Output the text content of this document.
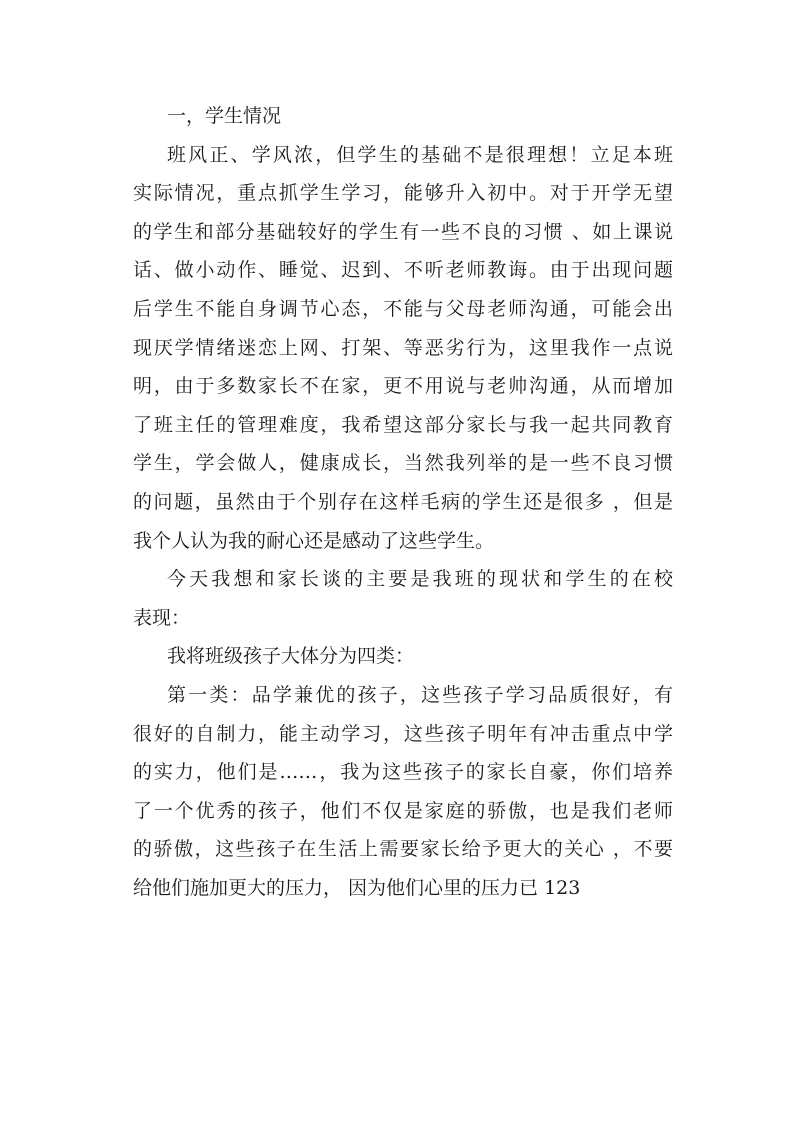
一，学生情况
班风正、学风浓，但学生的基础不是很理想！立足本班
实际情况，重点抓学生学习，能够升入初中。对于开学无望
的学生和部分基础较好的学生有一些不良的习惯 、如上课说
话、做小动作、睡觉、迟到、不听老师教诲。由于出现问题
后学生不能自身调节心态，不能与父母老师沟通，可能会出
现厌学情绪迷恋上网、打架、等恶劣行为，这里我作一点说
明，由于多数家长不在家，更不用说与老帅沟通，从而增加
了班主任的管理难度，我希望这部分家长与我一起共同教育
学生，学会做人，健康成长，当然我列举的是一些不良习惯
的问题，虽然由于个别存在这样毛病的学生还是很多 ，但是
我个人认为我的耐心还是感动了这些学生。
今天我想和家长谈的主要是我班的现状和学生的在校
表现：
我将班级孩子大体分为四类：
第一类：品学兼优的孩子，这些孩子学习品质很好，有
很好的自制力，能主动学习，这些孩子明年有冲击重点中学
的实力，他们是……，我为这些孩子的家长自豪，你们培养
了一个优秀的孩子，他们不仅是家庭的骄傲，也是我们老师
的骄傲，这些孩子在生活上需要家长给予更大的关心 ，不要
给他们施加更大的压力， 因为他们心里的压力已 123
